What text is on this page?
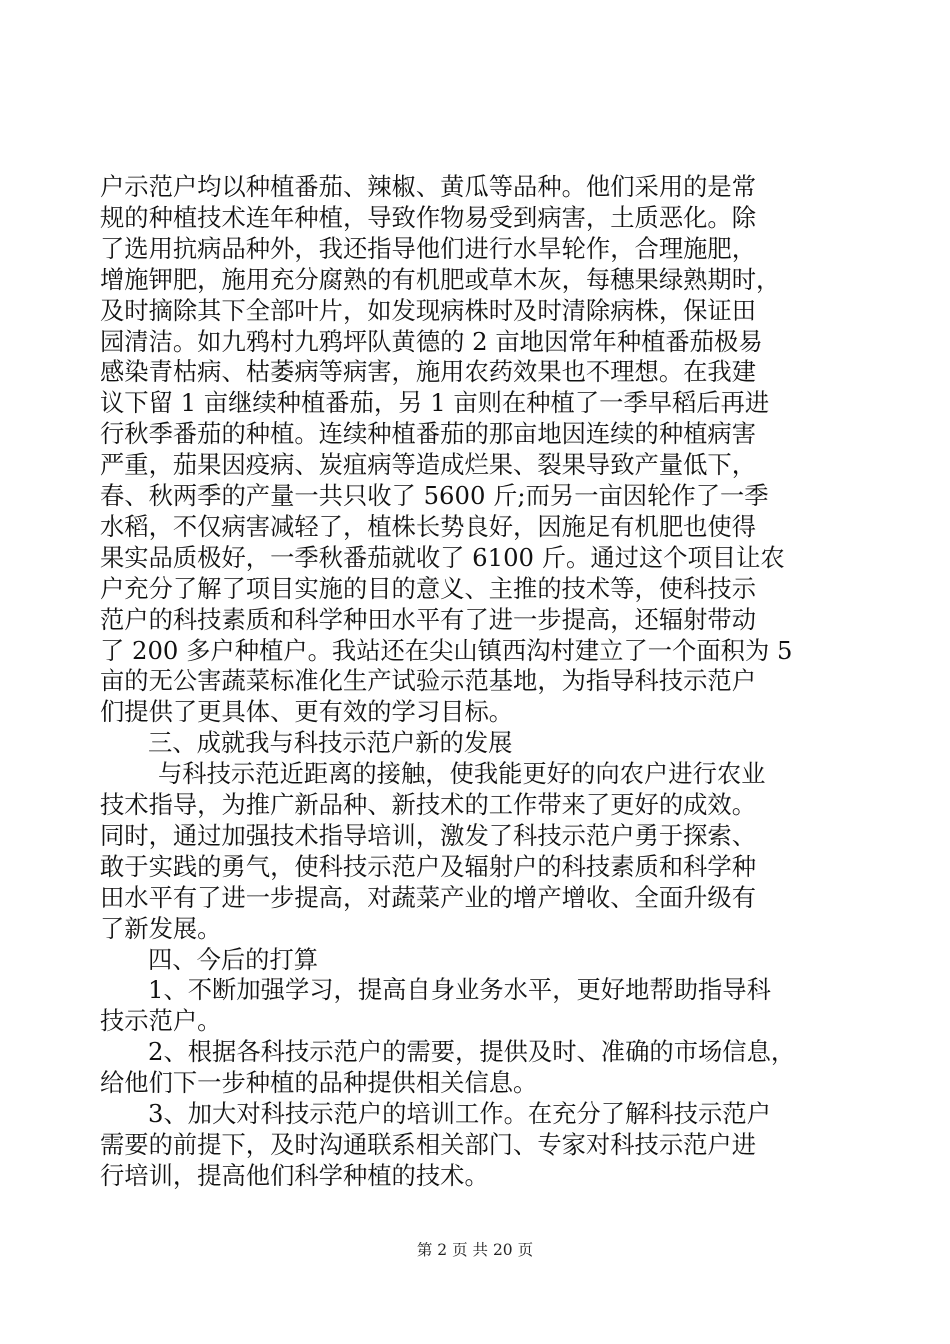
户示范户均以种植番茄、辣椒、黄瓜等品种。他们采用的是常
规的种植技术连年种植，导致作物易受到病害，土质恶化。除
了选用抗病品种外，我还指导他们进行水旱轮作，合理施肥，
增施钾肥，施用充分腐熟的有机肥或草木灰，每穗果绿熟期时，
及时摘除其下全部叶片，如发现病株时及时清除病株，保证田
园清洁。如九鸦村九鸦坪队黄德的 2 亩地因常年种植番茄极易
感染青枯病、枯萎病等病害，施用农药效果也不理想。在我建
议下留 1 亩继续种植番茄，另 1 亩则在种植了一季早稻后再进
行秋季番茄的种植。连续种植番茄的那亩地因连续的种植病害
严重，茄果因疫病、炭疽病等造成烂果、裂果导致产量低下，
春、秋两季的产量一共只收了 5600 斤;而另一亩因轮作了一季
水稻，不仅病害减轻了，植株长势良好，因施足有机肥也使得
果实品质极好，一季秋番茄就收了 6100 斤。通过这个项目让农
户充分了解了项目实施的目的意义、主推的技术等，使科技示
范户的科技素质和科学种田水平有了进一步提高，还辐射带动
了 200 多户种植户。我站还在尖山镇西沟村建立了一个面积为 5
亩的无公害蔬菜标准化生产试验示范基地，为指导科技示范户
们提供了更具体、更有效的学习目标。
三、成就我与科技示范户新的发展
与科技示范近距离的接触，使我能更好的向农户进行农业
技术指导，为推广新品种、新技术的工作带来了更好的成效。
同时，通过加强技术指导培训，激发了科技示范户勇于探索、
敢于实践的勇气，使科技示范户及辐射户的科技素质和科学种
田水平有了进一步提高，对蔬菜产业的增产增收、全面升级有
了新发展。
四、今后的打算
1、不断加强学习，提高自身业务水平，更好地帮助指导科
技示范户。
2、根据各科技示范户的需要，提供及时、准确的市场信息，
给他们下一步种植的品种提供相关信息。
3、加大对科技示范户的培训工作。在充分了解科技示范户
需要的前提下，及时沟通联系相关部门、专家对科技示范户进
行培训，提高他们科学种植的技术。
第 2 页 共 20 页
